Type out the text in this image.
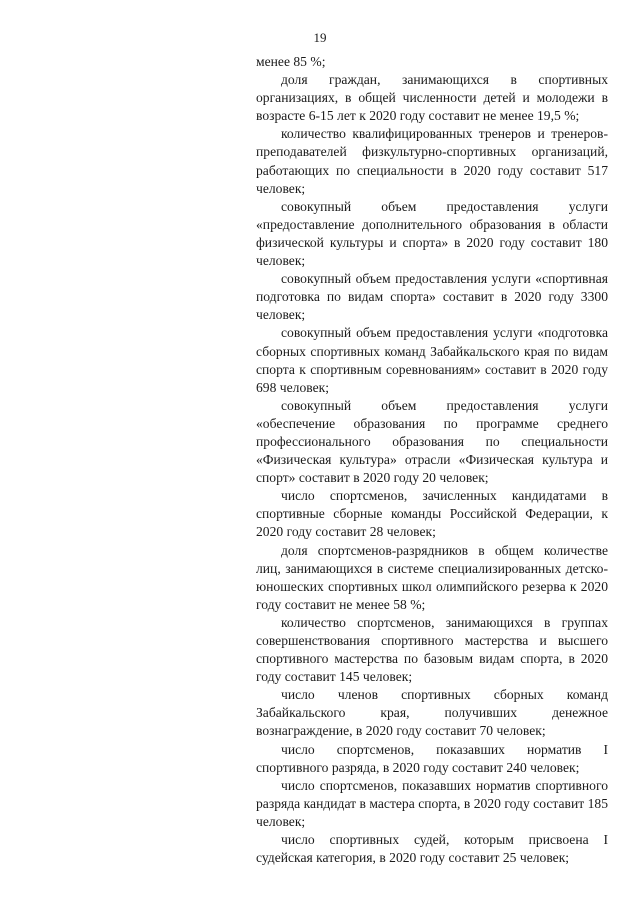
19

менее 85 %;

доля граждан, занимающихся в спортивных организациях, в общей численности детей и молодежи в возрасте 6-15 лет к 2020 году составит не менее 19,5 %;

количество квалифицированных тренеров и тренеров-преподавателей физкультурно-спортивных организаций, работающих по специальности в 2020 году составит 517 человек;

совокупный объем предоставления услуги «предоставление дополнительного образования в области физической культуры и спорта» в 2020 году составит 180 человек;

совокупный объем предоставления услуги «спортивная подготовка по видам спорта» составит в 2020 году 3300 человек;

совокупный объем предоставления услуги «подготовка сборных спортивных команд Забайкальского края по видам спорта к спортивным соревнованиям» составит в 2020 году 698 человек;

совокупный объем предоставления услуги «обеспечение образования по программе среднего профессионального образования по специальности «Физическая культура» отрасли «Физическая культура и спорт» составит в 2020 году 20 человек;

число спортсменов, зачисленных кандидатами в спортивные сборные команды Российской Федерации, к 2020 году составит 28 человек;

доля спортсменов-разрядников в общем количестве лиц, занимающихся в системе специализированных детско-юношеских спортивных школ олимпийского резерва к 2020 году составит не менее 58 %;

количество спортсменов, занимающихся в группах совершенствования спортивного мастерства и высшего спортивного мастерства по базовым видам спорта, в 2020 году составит 145 человек;

число членов спортивных сборных команд Забайкальского края, получивших денежное вознаграждение, в 2020 году составит 70 человек;

число спортсменов, показавших норматив I спортивного разряда, в 2020 году составит 240 человек;

число спортсменов, показавших норматив спортивного разряда кандидат в мастера спорта, в 2020 году составит 185 человек;

число спортивных судей, которым присвоена I судейская категория, в 2020 году составит 25 человек;
